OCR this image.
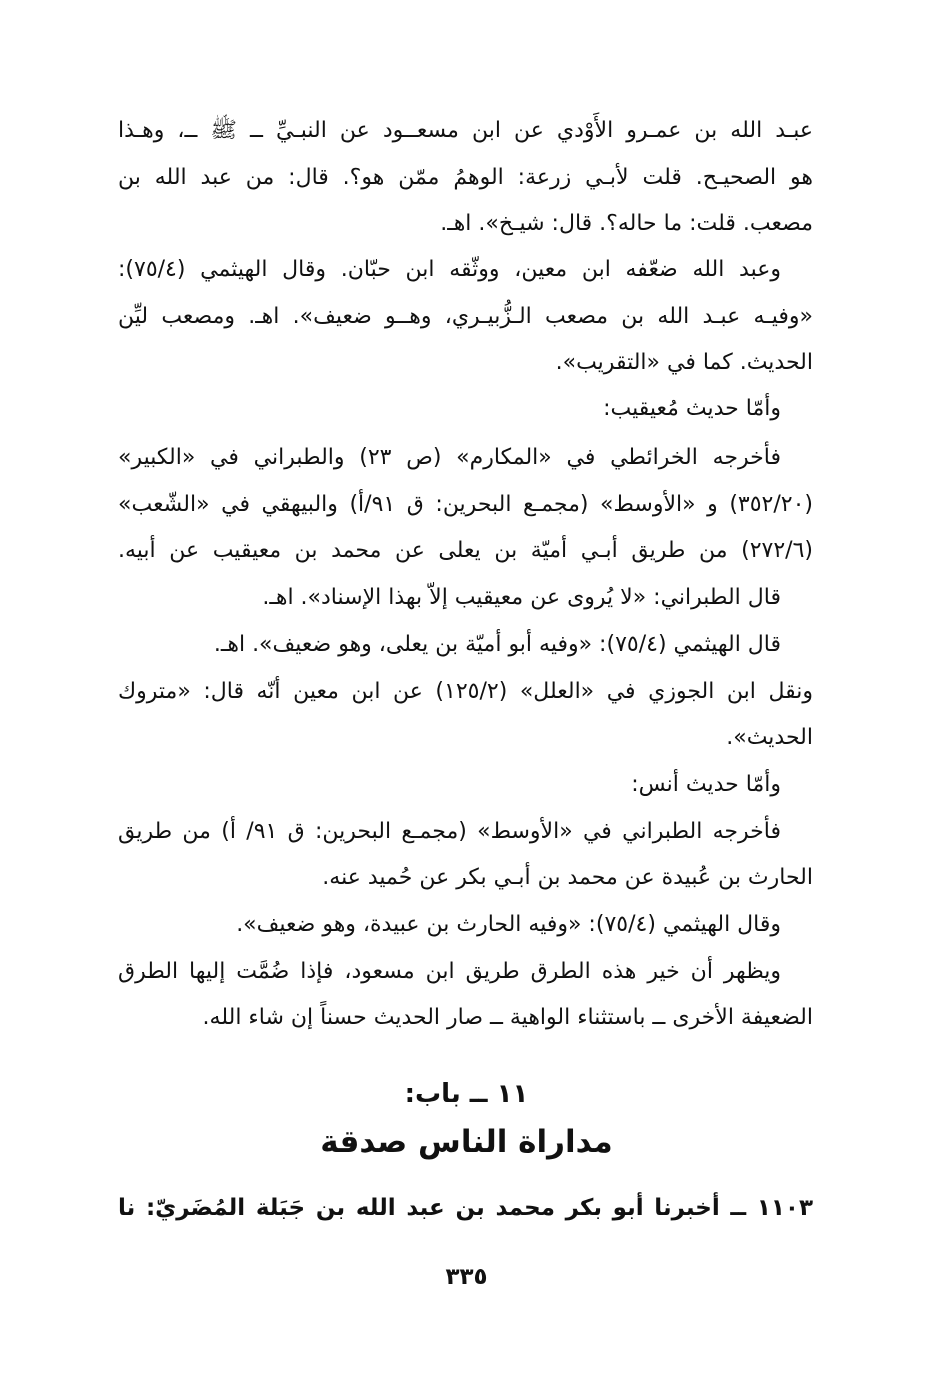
عبـد الله بن عمـرو الأَوْدي عن ابن مسعــود عن النبـيِّ ــ ﷺ ــ، وهـذا
هو الصحيـح. قلت لأبـي زرعة: الوهمُ ممّن هو؟. قال: من عبد الله بن
مصعب. قلت: ما حاله؟. قال: شيـخ». اهـ.
وعبد الله ضعّفه ابن معين، ووثّقه ابن حبّان. وقال الهيثمي (٧٥/٤):
«وفيـه عبـد الله بن مصعب الـزُّبيـري، وهــو ضعيف». اهـ. ومصعب ليِّن
الحديث. كما في «التقريب».
وأمّا حديث مُعيقيب:
فأخرجه الخرائطي في «المكارم» (ص ٢٣) والطبراني في «الكبير»
(٣٥٢/٢٠) و «الأوسط» (مجمـع البحرين: ق ٩١/أ) والبيهقي في «الشّعب»
(٢٧٢/٦) من طريق أبـي أميّة بن يعلى عن محمد بن معيقيب عن أبيه.
قال الطبراني: «لا يُروى عن معيقيب إلاّ بهذا الإسناد». اهـ.
قال الهيثمي (٧٥/٤): «وفيه أبو أميّة بن يعلى، وهو ضعيف». اهـ.
ونقل ابن الجوزي في «العلل» (١٢٥/٢) عن ابن معين أنّه قال: «متروك
الحديث».
وأمّا حديث أنس:
فأخرجه الطبراني في «الأوسط» (مجمـع البحرين: ق ٩١/ أ) من طريق
الحارث بن عُبيدة عن محمد بن أبـي بكر عن حُميد عنه.
وقال الهيثمي (٧٥/٤): «وفيه الحارث بن عبيدة، وهو ضعيف».
ويظهر أن خير هذه الطرق طريق ابن مسعود، فإذا ضُمَّت إليها الطرق
الضعيفة الأخرى ــ باستثناء الواهية ــ صار الحديث حسناً إن شاء الله.
١١ ــ باب:
مداراة الناس صدقة
١١٠٣ ــ أخبرنا أبو بكر محمد بن عبد الله بن جَبَلة المُضَريّ: نا
٣٣٥
